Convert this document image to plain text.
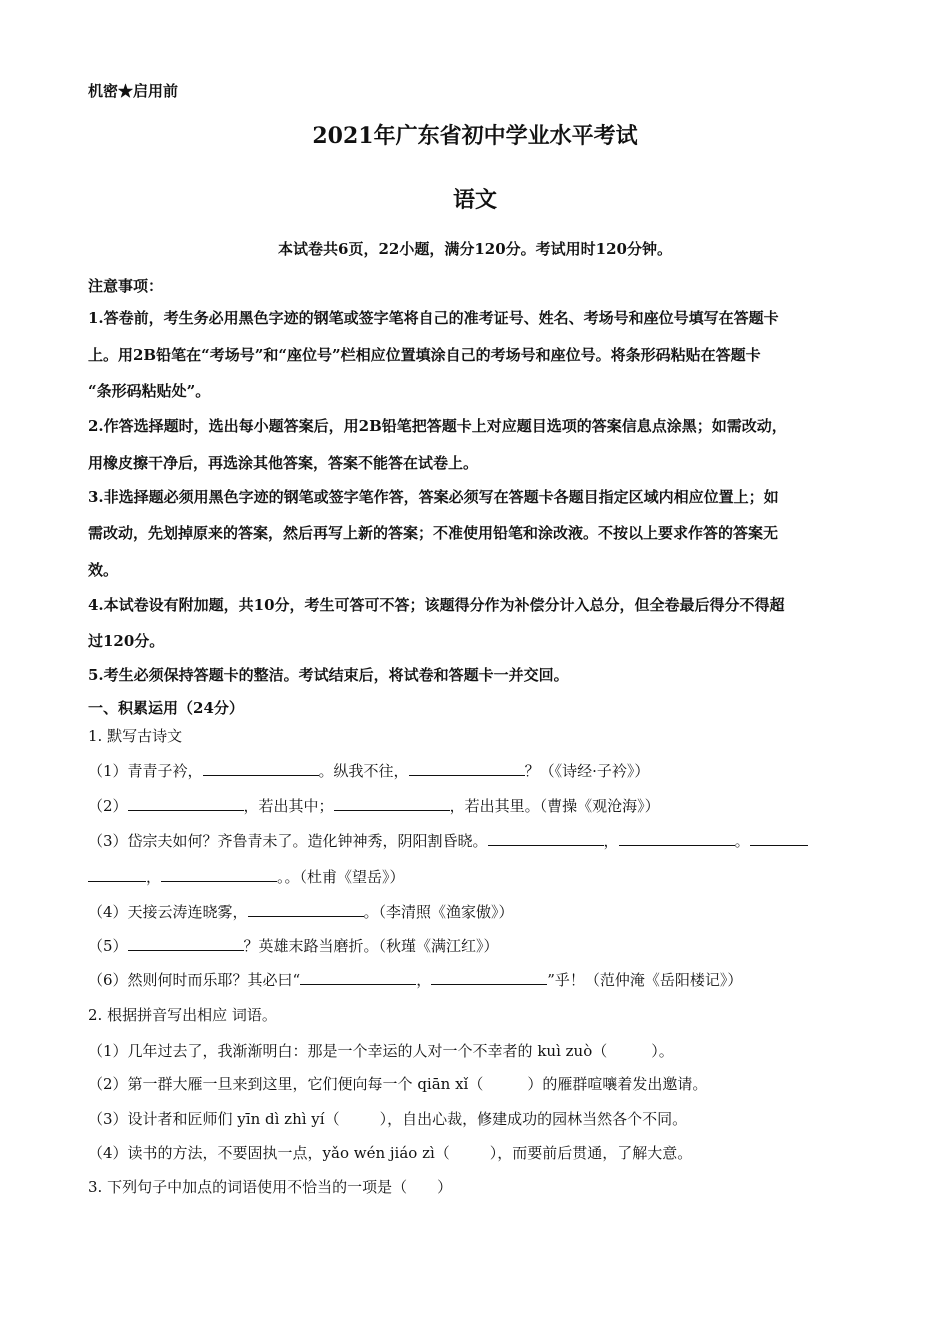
机密★启用前
2021年广东省初中学业水平考试
语文
本试卷共6页，22小题，满分120分。考试用时120分钟。
注意事项：
1.答卷前，考生务必用黑色字迹的钢笔或签字笔将自己的准考证号、姓名、考场号和座位号填写在答题卡
上。用2B铅笔在“考场号”和“座位号”栏相应位置填涂自己的考场号和座位号。将条形码粘贴在答题卡
“条形码粘贴处”。
2.作答选择题时，选出每小题答案后，用2B铅笔把答题卡上对应题目选项的答案信息点涂黑；如需改动，
用橡皮擦干净后，再选涂其他答案，答案不能答在试卷上。
3.非选择题必须用黑色字迹的钢笔或签字笔作答，答案必须写在答题卡各题目指定区域内相应位置上；如
需改动，先划掉原来的答案，然后再写上新的答案；不准使用铅笔和涂改液。不按以上要求作答的答案无
效。
4.本试卷设有附加题，共10分，考生可答可不答；该题得分作为补偿分计入总分，但全卷最后得分不得超
过120分。
5.考生必须保持答题卡的整洁。考试结束后，将试卷和答题卡一并交回。
一、积累运用（24分）
1. 默写古诗文
（1）青青子衿，	。纵我不往，	？（《诗经·子衿》）
（2）	，若出其中；	，若出其里。（曹操《观沧海》）
（3）岱宗夫如何？齐鲁青未了。造化钟神秀，阴阳割昏晓。	，	。
，	。。（杜甫《望岳》）
（4）天接云涛连晓雾，	。（李清照《渔家傲》）
（5）	？英雄末路当磨折。（秋瑾《满江红》）
（6）然则何时而乐耶？其必曰“	，	”乎！（范仲淹《岳阳楼记》）
2. 根据拼音写出相应 词语。
（1）几年过去了，我渐渐明白：那是一个幸运的人对一个不幸者的 kuì zuò（	）。
（2）第一群大雁一旦来到这里，它们便向每一个 qiān xǐ（	）的雁群喧嚷着发出邀请。
（3）设计者和匠师们 yīn dì zhì yí（	），自出心裁，修建成功的园林当然各个不同。
（4）读书的方法，不要固执一点，yǎo wén jiáo zì（	），而要前后贯通，了解大意。
3. 下列句子中加点的词语使用不恰当的一项是（　　）
